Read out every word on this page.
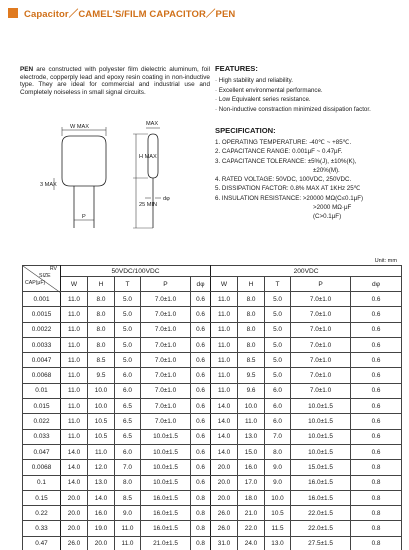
Capacitor／CAMEL'S/FILM CAPACITOR／PEN
PEN are constructed with polyester film dielectric aluminum, foil electrode, copperply lead and epoxy resin coating in non-inductive type. They are ideal for commercial and industrial use and Completely noiseless in small signal circuits.
W MAX	MAX
H MAX
3 MAX
25 MIN
dφ
P
FEATURES:
· High stability and reliability.
· Excellent environmental performance.
· Low Equivalent series resistance.
· Non-inductive constraction minimized dissipation factor.
SPECIFICATION:
1. OPERATING TEMPERATURE: -40℃ ~ +85℃.
2. CAPACITANCE RANGE: 0.001μF ~ 0.47μF.
3. CAPACITANCE TOLERANCE: ±5%(J), ±10%(K),
±20%(M).
4. RATED VOLTAGE: 50VDC, 100VDC, 250VDC.
5. DISSIPATION FACTOR: 0.8% MAX AT 1KHz 25℃
6. INSULATION RESISTANCE: >20000 MΩ(C≤0.1μF)
>2000 MΩ·μF
(C>0.1μF)
Unit: mm
RV
SIZE
CAP(μF)	50VDC/100VDC					200VDC				
	W	H	T	P	dφ	W	H	T	P	dφ
0.001	11.0	8.0	5.0	7.0±1.0	0.6	11.0	8.0	5.0	7.0±1.0	0.6
0.0015	11.0	8.0	5.0	7.0±1.0	0.6	11.0	8.0	5.0	7.0±1.0	0.6
0.0022	11.0	8.0	5.0	7.0±1.0	0.6	11.0	8.0	5.0	7.0±1.0	0.6
0.0033	11.0	8.0	5.0	7.0±1.0	0.6	11.0	8.0	5.0	7.0±1.0	0.6
0.0047	11.0	8.5	5.0	7.0±1.0	0.6	11.0	8.5	5.0	7.0±1.0	0.6
0.0068	11.0	9.5	6.0	7.0±1.0	0.6	11.0	9.5	5.0	7.0±1.0	0.6
0.01	11.0	10.0	6.0	7.0±1.0	0.6	11.0	9.6	6.0	7.0±1.0	0.6
0.015	11.0	10.0	6.5	7.0±1.0	0.6	14.0	10.0	6.0	10.0±1.5	0.6
0.022	11.0	10.5	6.5	7.0±1.0	0.6	14.0	11.0	6.0	10.0±1.5	0.6
0.033	11.0	10.5	6.5	10.0±1.5	0.6	14.0	13.0	7.0	10.0±1.5	0.6
0.047	14.0	11.0	6.0	10.0±1.5	0.6	14.0	15.0	8.0	10.0±1.5	0.6
0.0068	14.0	12.0	7.0	10.0±1.5	0.6	20.0	16.0	9.0	15.0±1.5	0.8
0.1	14.0	13.0	8.0	10.0±1.5	0.6	20.0	17.0	9.0	16.0±1.5	0.8
0.15	20.0	14.0	8.5	16.0±1.5	0.8	20.0	18.0	10.0	16.0±1.5	0.8
0.22	20.0	16.0	9.0	16.0±1.5	0.8	26.0	21.0	10.5	22.0±1.5	0.8
0.33	20.0	19.0	11.0	16.0±1.5	0.8	26.0	22.0	11.5	22.0±1.5	0.8
0.47	26.0	20.0	11.0	21.0±1.5	0.8	31.0	24.0	13.0	27.5±1.5	0.8
